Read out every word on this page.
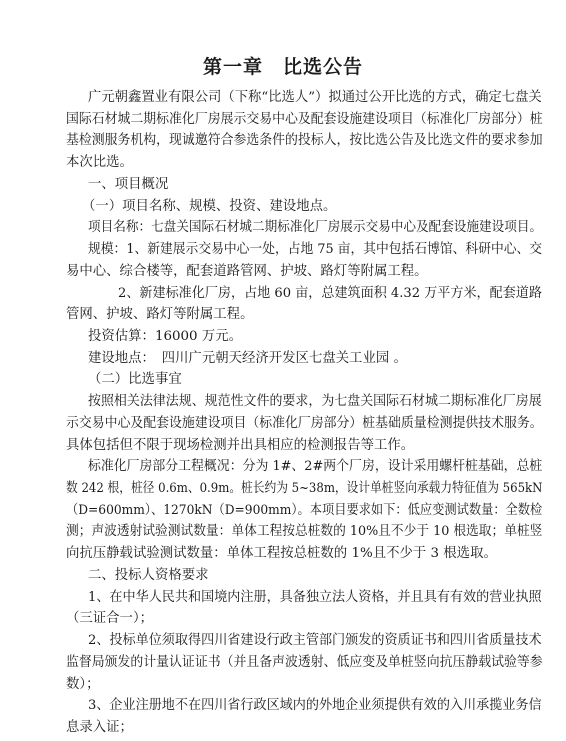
第一章　比选公告
广元朝鑫置业有限公司（下称“比选人”）拟通过公开比选的方式，确定七盘关
国际石材城二期标准化厂房展示交易中心及配套设施建设项目（标准化厂房部分）桩
基检测服务机构，现诚邀符合参选条件的投标人，按比选公告及比选文件的要求参加
本次比选。
一、项目概况
（一）项目名称、规模、投资、建设地点。
项目名称：七盘关国际石材城二期标准化厂房展示交易中心及配套设施建设项目。
规模：1、新建展示交易中心一处，占地 75 亩，其中包括石博馆、科研中心、交
易中心、综合楼等，配套道路管网、护坡、路灯等附属工程。
2、新建标准化厂房，占地 60 亩，总建筑面积 4.32 万平方米，配套道路
管网、护坡、路灯等附属工程。
投资估算：16000 万元。
建设地点：　四川广元朝天经济开发区七盘关工业园 。
（二）比选事宜
按照相关法律法规、规范性文件的要求，为七盘关国际石材城二期标准化厂房展
示交易中心及配套设施建设项目（标准化厂房部分）桩基础质量检测提供技术服务。
具体包括但不限于现场检测并出具相应的检测报告等工作。
标准化厂房部分工程概况：分为 1#、2#两个厂房，设计采用螺杆桩基础，总桩
数 242 根，桩径 0.6m、0.9m。桩长约为 5~38m，设计单桩竖向承载力特征值为 565kN
（D=600mm）、1270kN（D=900mm）。本项目要求如下：低应变测试数量：全数检
测；声波透射试验测试数量：单体工程按总桩数的 10%且不少于 10 根选取；单桩竖
向抗压静载试验测试数量：单体工程按总桩数的 1%且不少于 3 根选取。
二、投标人资格要求
1、在中华人民共和国境内注册，具备独立法人资格，并且具有有效的营业执照
（三证合一）；
2、投标单位须取得四川省建设行政主管部门颁发的资质证书和四川省质量技术
监督局颁发的计量认证证书（并且备声波透射、低应变及单桩竖向抗压静载试验等参
数）；
3、企业注册地不在四川省行政区域内的外地企业须提供有效的入川承揽业务信
息录入证；
